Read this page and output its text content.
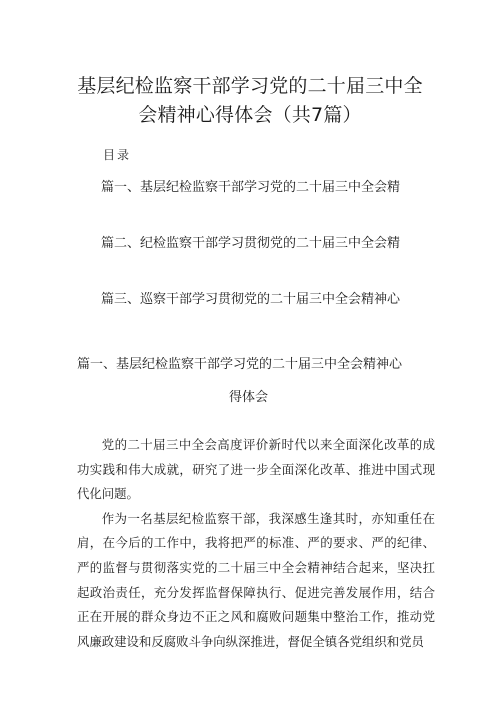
基层纪检监察干部学习党的二十届三中全
会精神心得体会（共7篇）
目录
篇一、基层纪检监察干部学习党的二十届三中全会精
篇二、纪检监察干部学习贯彻党的二十届三中全会精
篇三、巡察干部学习贯彻党的二十届三中全会精神心
篇一、基层纪检监察干部学习党的二十届三中全会精神心
得体会

党的二十届三中全会高度评价新时代以来全面深化改革的成功实践和伟大成就，研究了进一步全面深化改革、推进中国式现代化问题。

作为一名基层纪检监察干部，我深感生逢其时，亦知重任在肩，在今后的工作中，我将把严的标准、严的要求、严的纪律、严的监督与贯彻落实党的二十届三中全会精神结合起来，坚决扛起政治责任，充分发挥监督保障执行、促进完善发展作用，结合正在开展的群众身边不正之风和腐败问题集中整治工作，推动党风廉政建设和反腐败斗争向纵深推进，督促全镇各党组织和党员
